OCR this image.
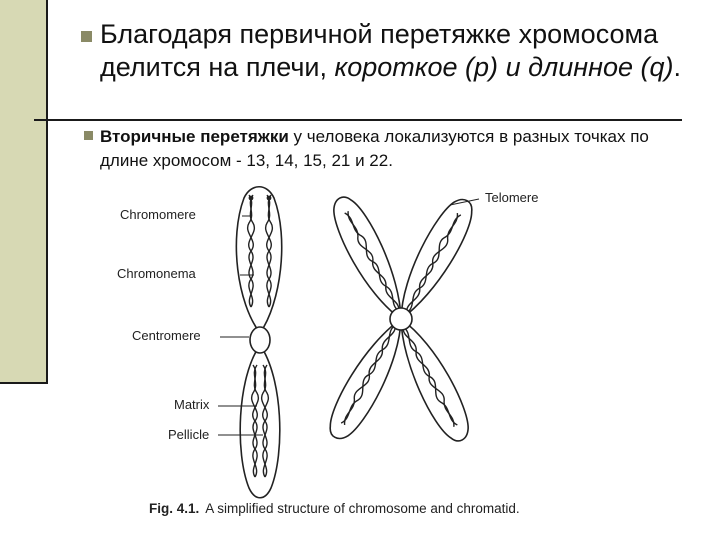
Благодаря первичной перетяжке хромосома делится на плечи, короткое (p) и длинное (q).
Вторичные перетяжки у человека локализуются в разных точках по длине хромосом - 13, 14, 15, 21 и 22.
Chromomere
Chromonema
Centromere
Matrix
Pellicle
Telomere
Fig. 4.1. A simplified structure of chromosome and chromatid.
